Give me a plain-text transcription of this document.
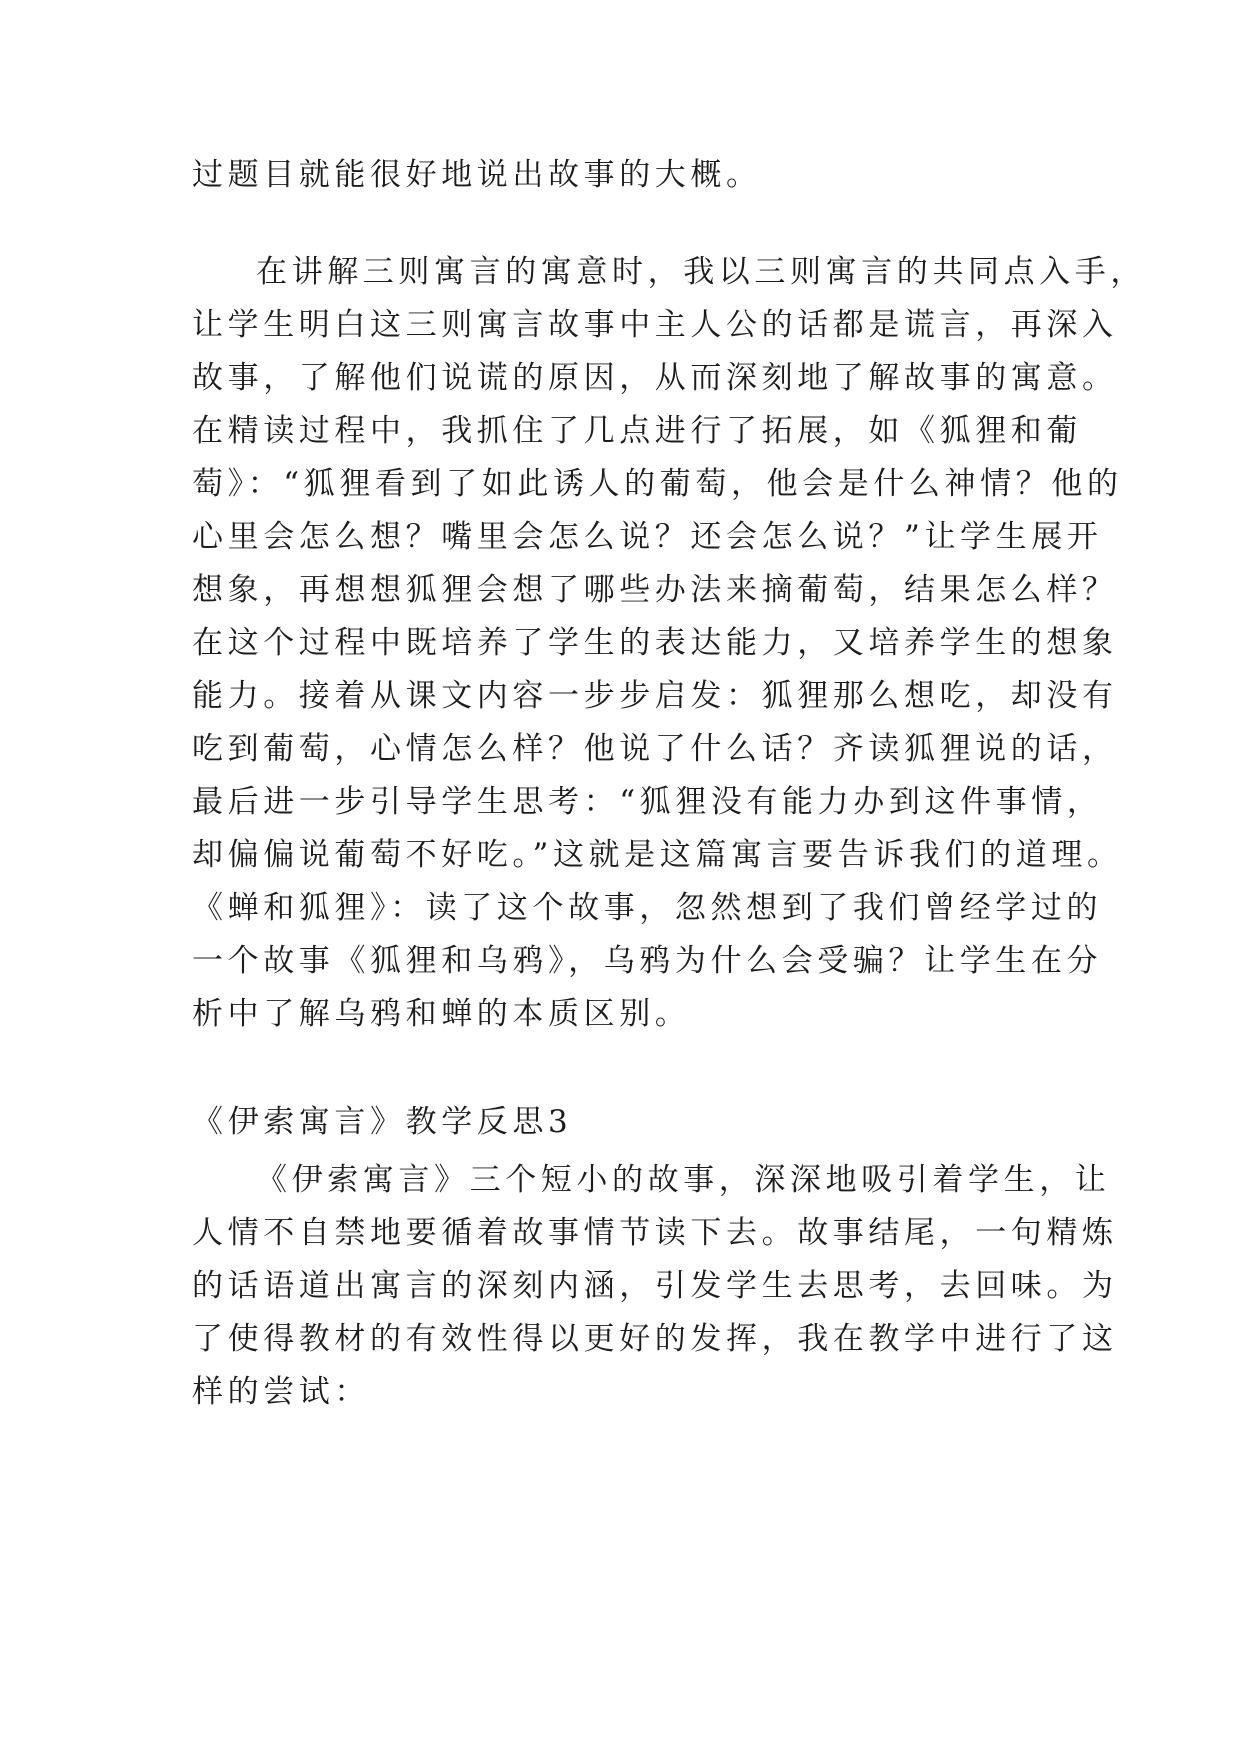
过题目就能很好地说出故事的大概。
在讲解三则寓言的寓意时，我以三则寓言的共同点入手，
让学生明白这三则寓言故事中主人公的话都是谎言，再深入
故事，了解他们说谎的原因，从而深刻地了解故事的寓意。
在精读过程中，我抓住了几点进行了拓展，如《狐狸和葡
萄》：“狐狸看到了如此诱人的葡萄，他会是什么神情？他的
心里会怎么想？嘴里会怎么说？还会怎么说？”让学生展开
想象，再想想狐狸会想了哪些办法来摘葡萄，结果怎么样？
在这个过程中既培养了学生的表达能力，又培养学生的想象
能力。接着从课文内容一步步启发：狐狸那么想吃，却没有
吃到葡萄，心情怎么样？他说了什么话？齐读狐狸说的话，
最后进一步引导学生思考：“狐狸没有能力办到这件事情，
却偏偏说葡萄不好吃。”这就是这篇寓言要告诉我们的道理。
《蝉和狐狸》：读了这个故事，忽然想到了我们曾经学过的
一个故事《狐狸和乌鸦》，乌鸦为什么会受骗？让学生在分
析中了解乌鸦和蝉的本质区别。
《伊索寓言》教学反思3
《伊索寓言》三个短小的故事，深深地吸引着学生，让
人情不自禁地要循着故事情节读下去。故事结尾，一句精炼
的话语道出寓言的深刻内涵，引发学生去思考，去回味。为
了使得教材的有效性得以更好的发挥，我在教学中进行了这
样的尝试：
